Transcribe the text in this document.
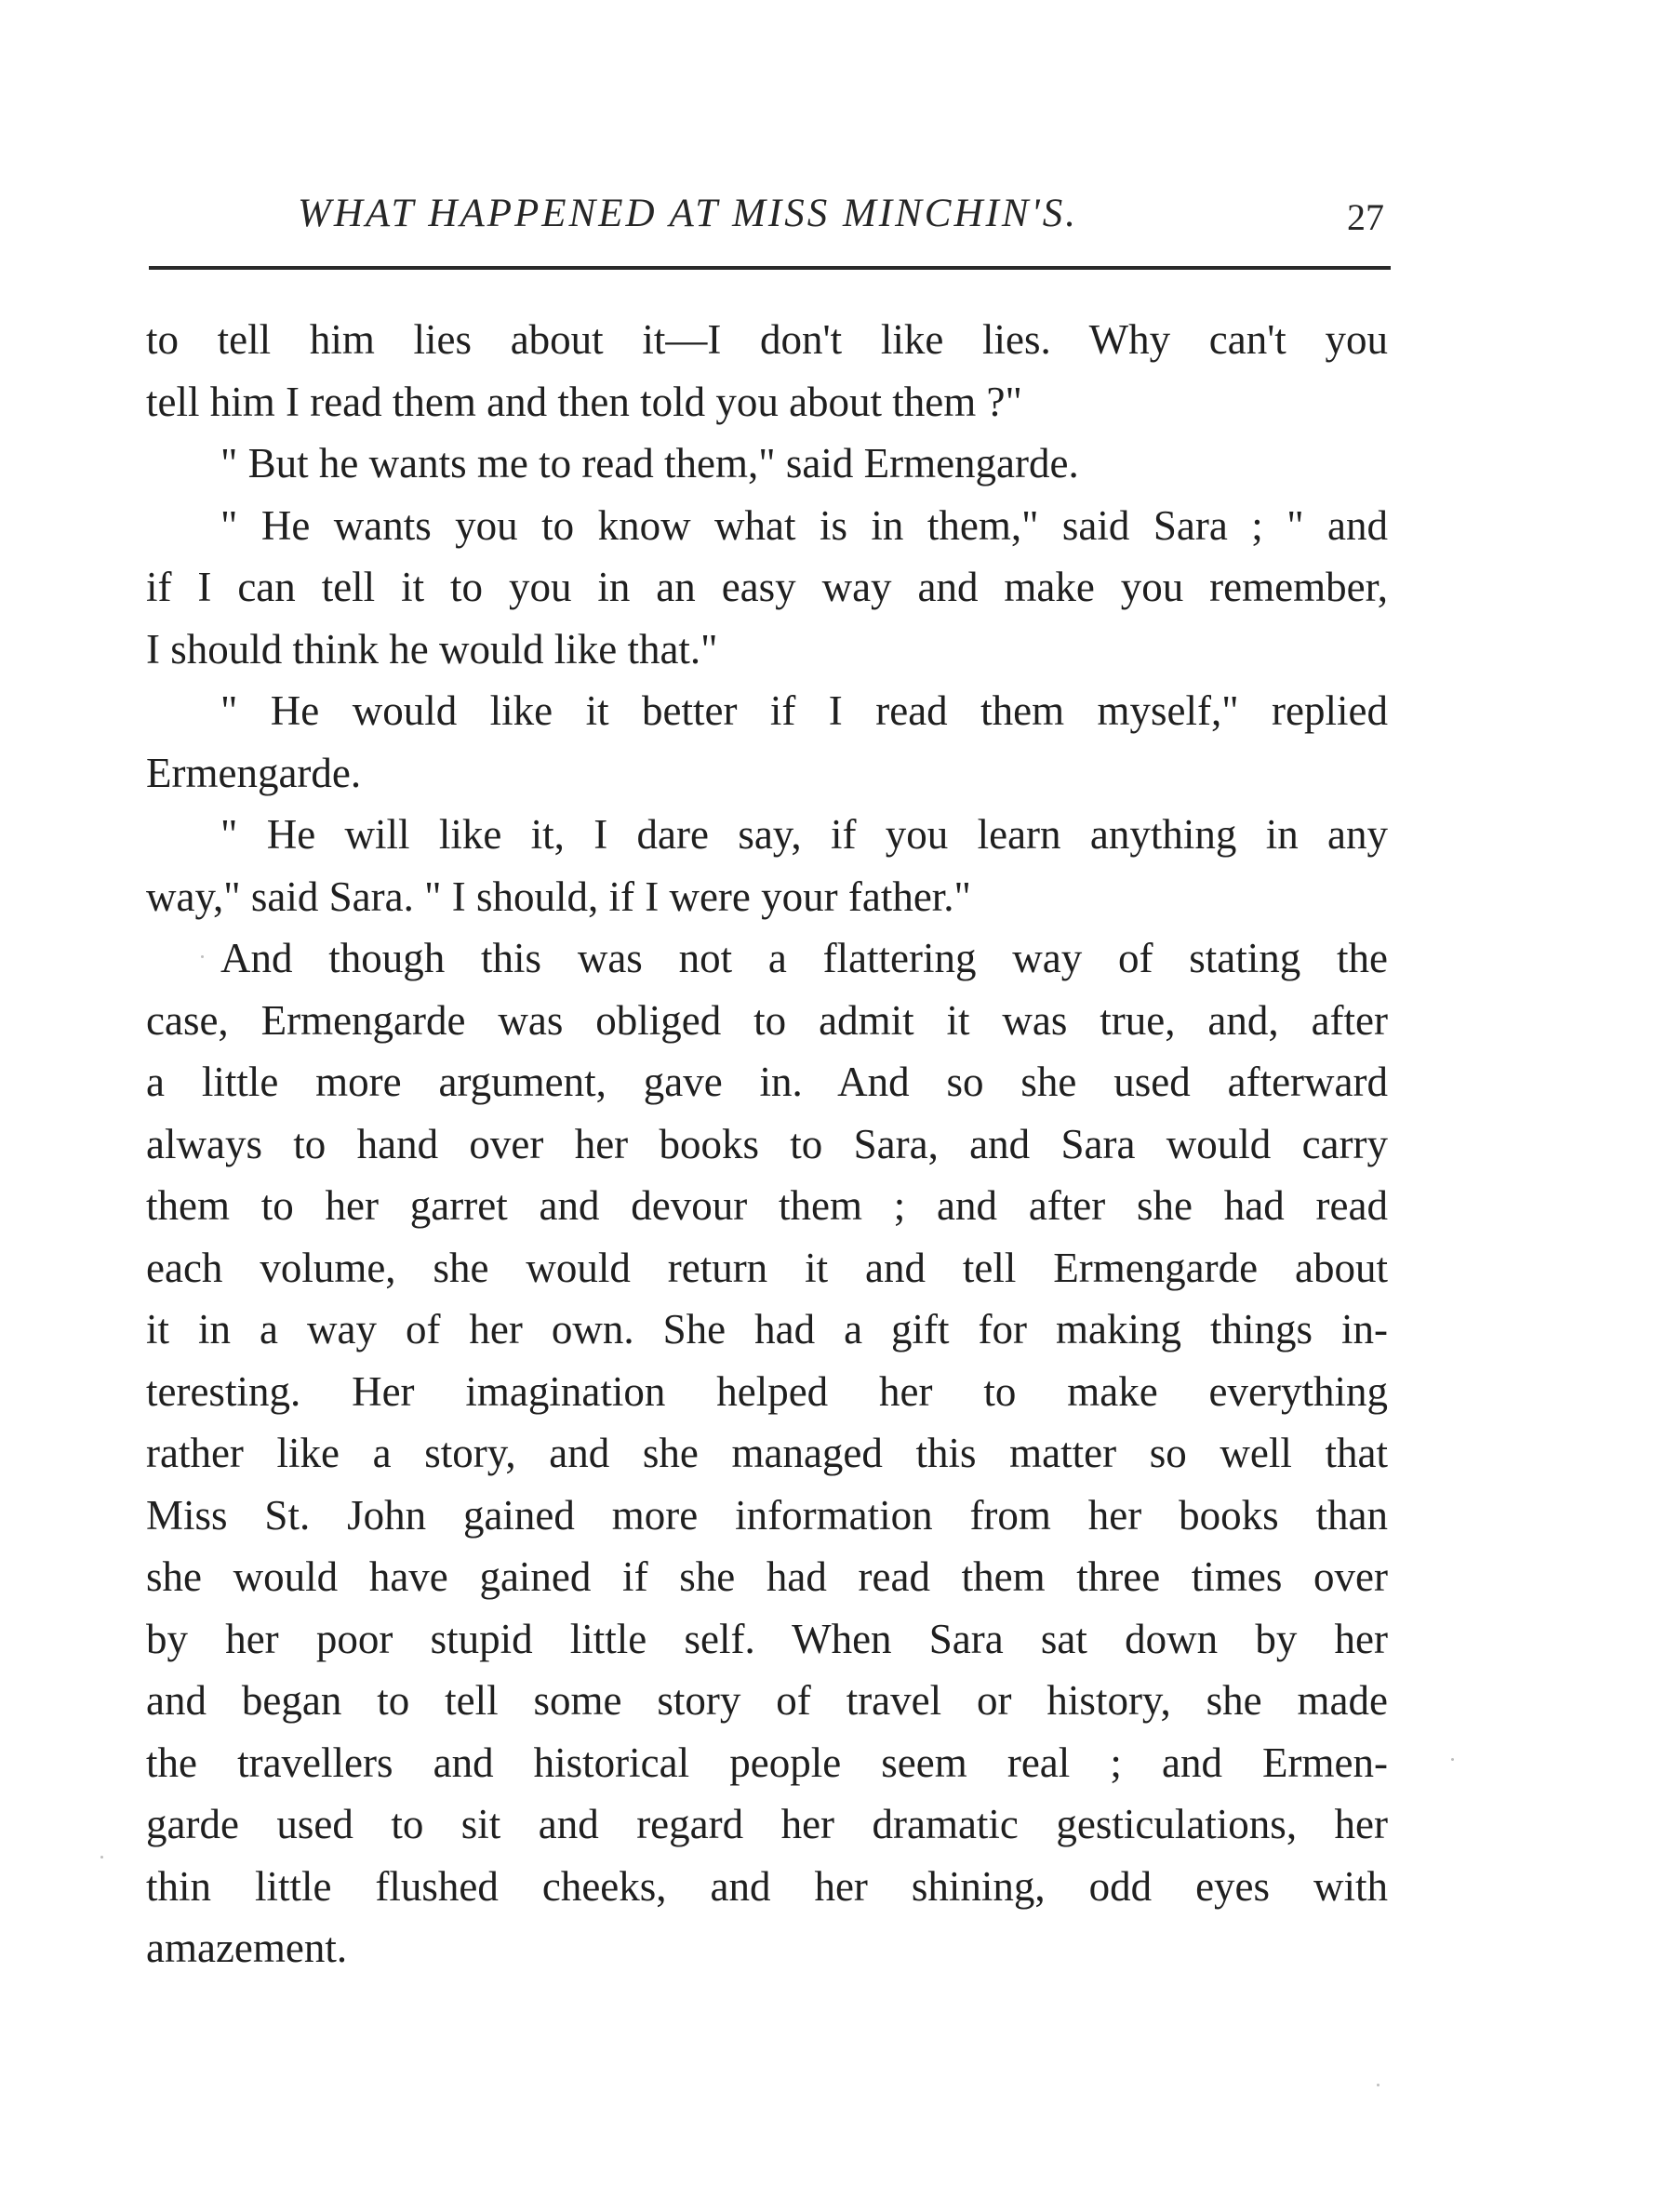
WHAT HAPPENED AT MISS MINCHIN'S.	27
to tell him lies about it—I don't like lies. Why can't you
tell him I read them and then told you about them ?"
" But he wants me to read them," said Ermengarde.
" He wants you to know what is in them," said Sara ; " and
if I can tell it to you in an easy way and make you remember,
I should think he would like that."
" He would like it better if I read them myself," replied
Ermengarde.
" He will like it, I dare say, if you learn anything in any
way," said Sara. " I should, if I were your father."
And though this was not a flattering way of stating the
case, Ermengarde was obliged to admit it was true, and, after
a little more argument, gave in. And so she used afterward
always to hand over her books to Sara, and Sara would carry
them to her garret and devour them ; and after she had read
each volume, she would return it and tell Ermengarde about
it in a way of her own. She had a gift for making things in-
teresting. Her imagination helped her to make everything
rather like a story, and she managed this matter so well that
Miss St. John gained more information from her books than
she would have gained if she had read them three times over
by her poor stupid little self. When Sara sat down by her
and began to tell some story of travel or history, she made
the travellers and historical people seem real ; and Ermen-
garde used to sit and regard her dramatic gesticulations, her
thin little flushed cheeks, and her shining, odd eyes with
amazement.
